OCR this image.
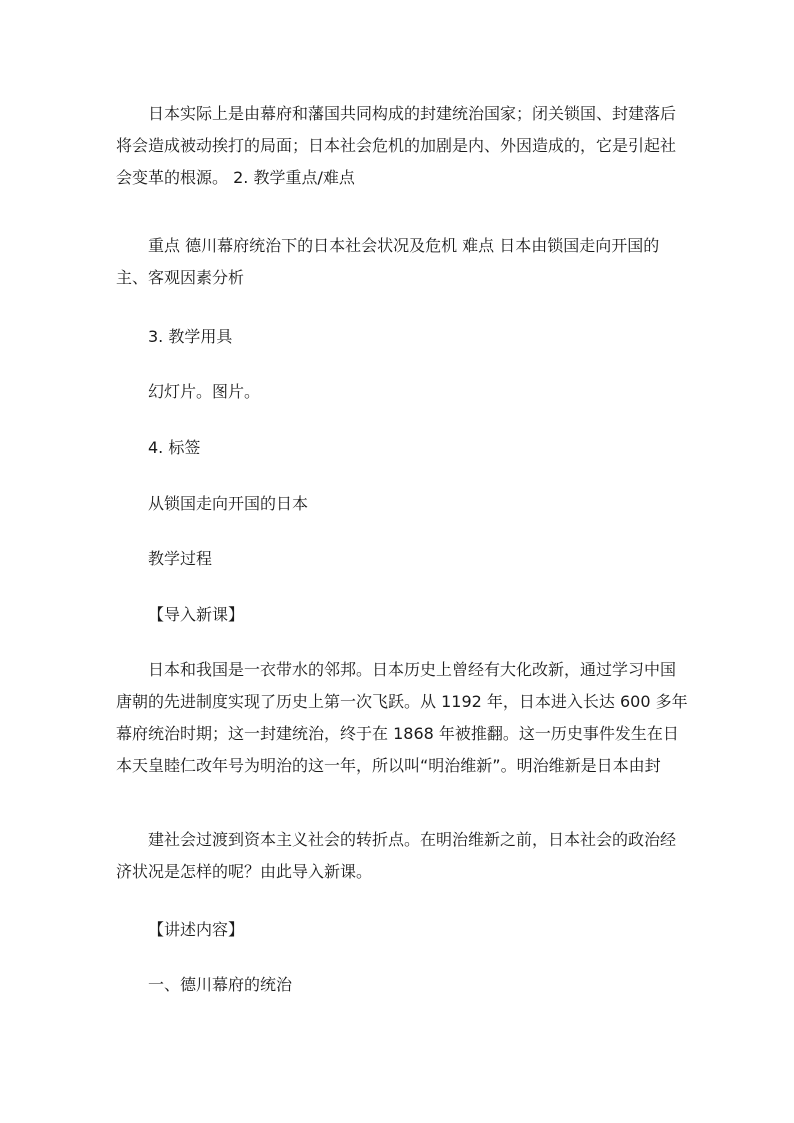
日本实际上是由幕府和藩国共同构成的封建统治国家；闭关锁国、封建落后
将会造成被动挨打的局面；日本社会危机的加剧是内、外因造成的，它是引起社
会变革的根源。 2. 教学重点/难点
重点 德川幕府统治下的日本社会状况及危机 难点 日本由锁国走向开国的
主、客观因素分析

3. 教学用具

幻灯片。图片。

4. 标签

从锁国走向开国的日本

教学过程

【导入新课】

日本和我国是一衣带水的邻邦。日本历史上曾经有大化改新，通过学习中国
唐朝的先进制度实现了历史上第一次飞跃。从 1192 年，日本进入长达 600 多年
幕府统治时期；这一封建统治，终于在 1868 年被推翻。这一历史事件发生在日
本天皇睦仁改年号为明治的这一年，所以叫“明治维新”。明治维新是日本由封
建社会过渡到资本主义社会的转折点。在明治维新之前，日本社会的政治经
济状况是怎样的呢？由此导入新课。

【讲述内容】

一、德川幕府的统治
